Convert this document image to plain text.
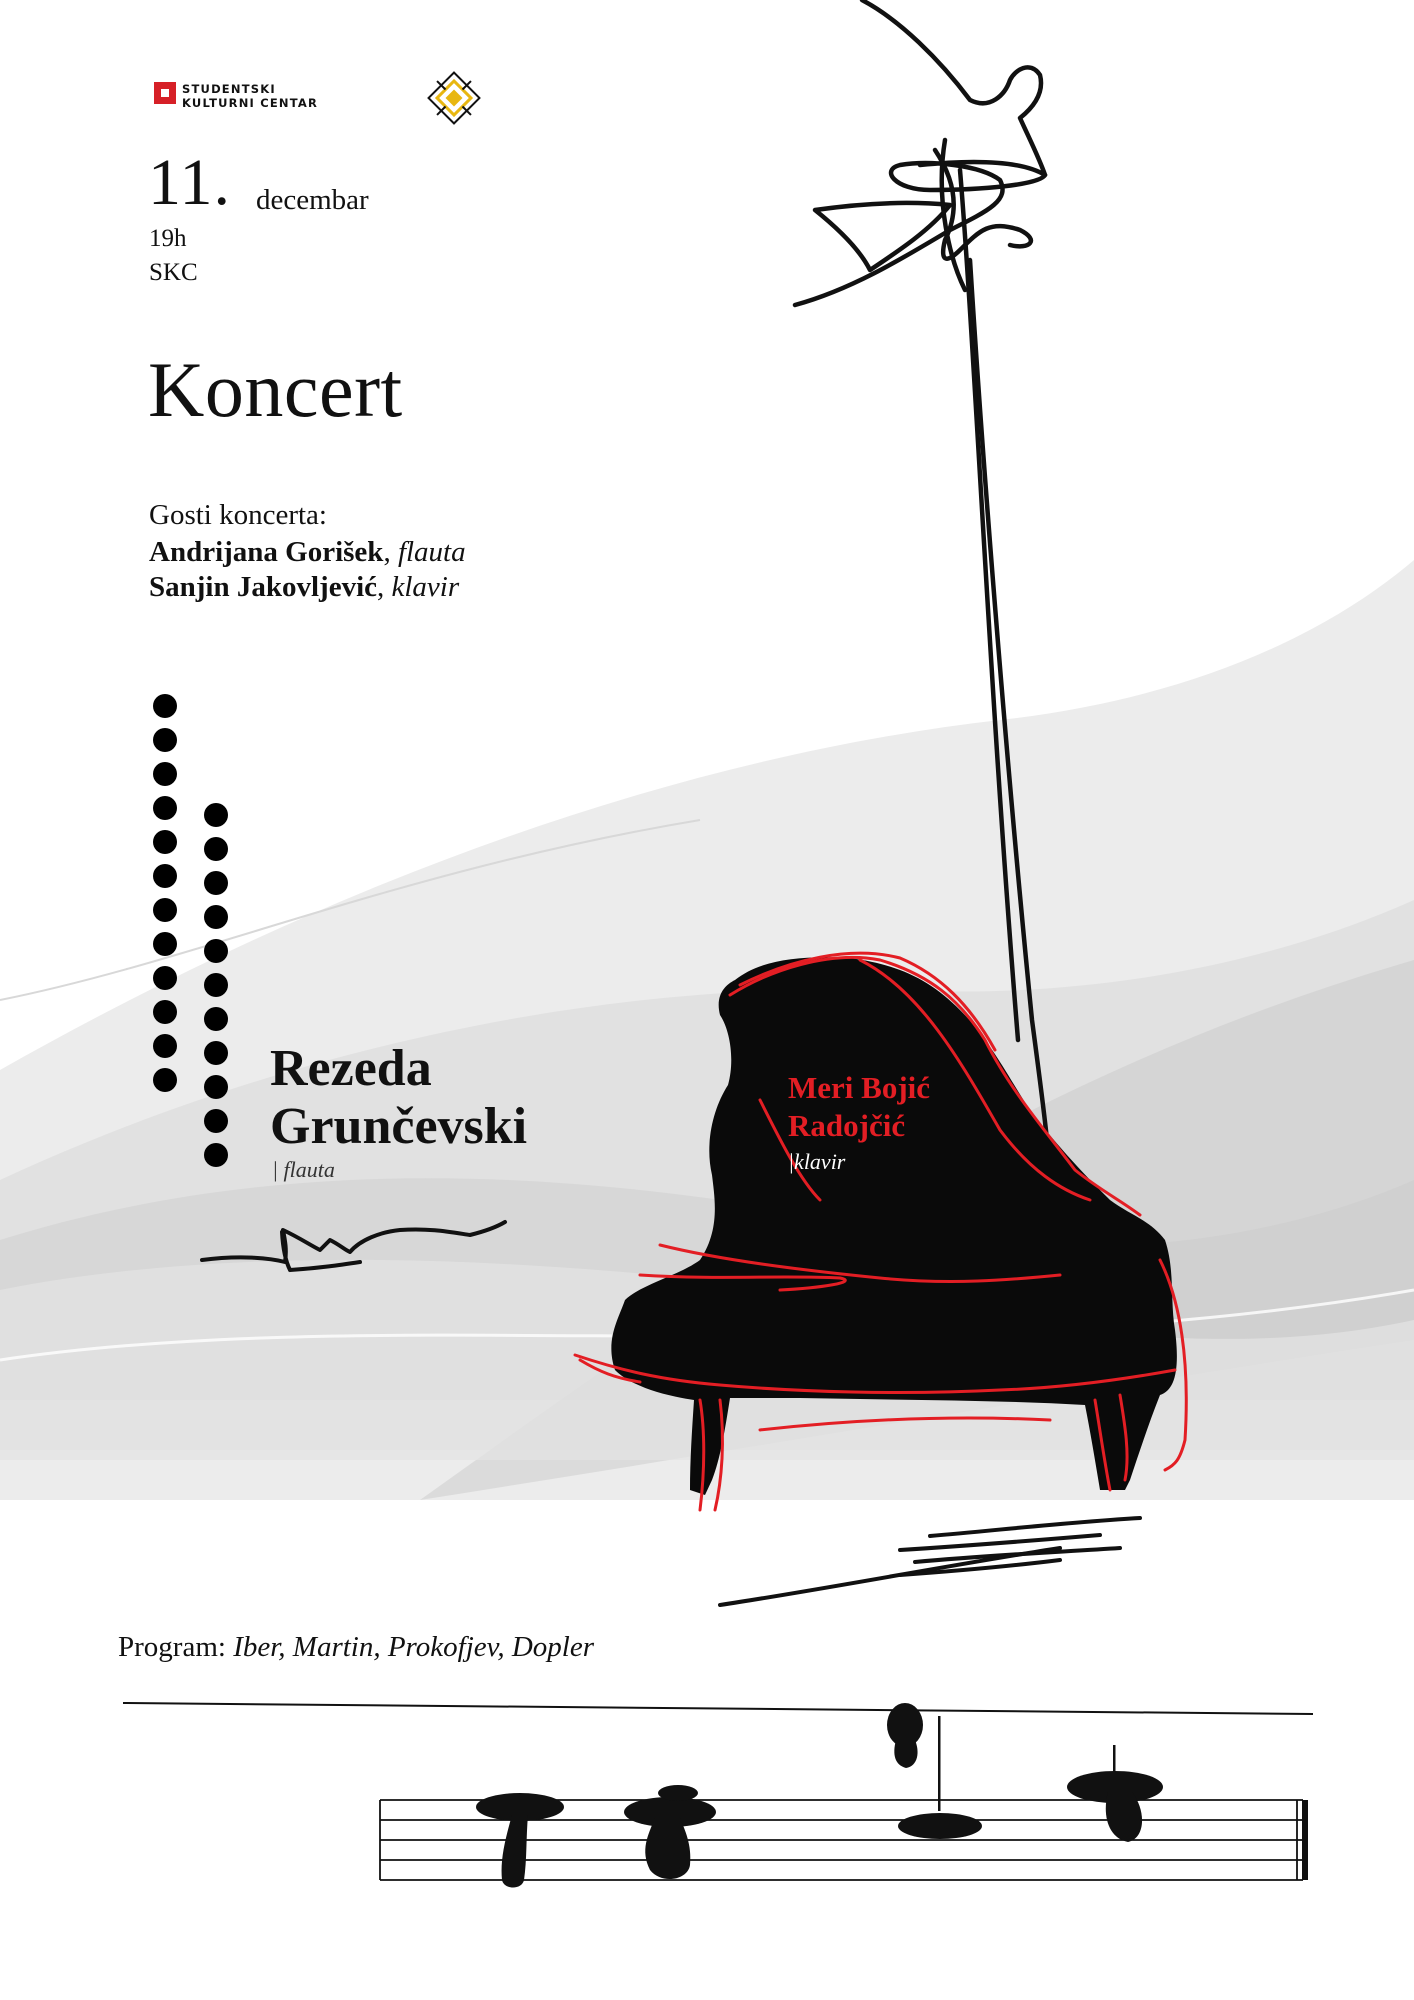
STUDENTSKI
KULTURNI CENTAR
11. decembar
19h
SKC
Koncert
Gosti koncerta:
Andrijana Gorišek, flauta
Sanjin Jakovljević, klavir
Rezeda
Grunčevski
| flauta
Meri Bojić
Radojčić
|klavir
Program: Iber, Martin, Prokofjev, Dopler
